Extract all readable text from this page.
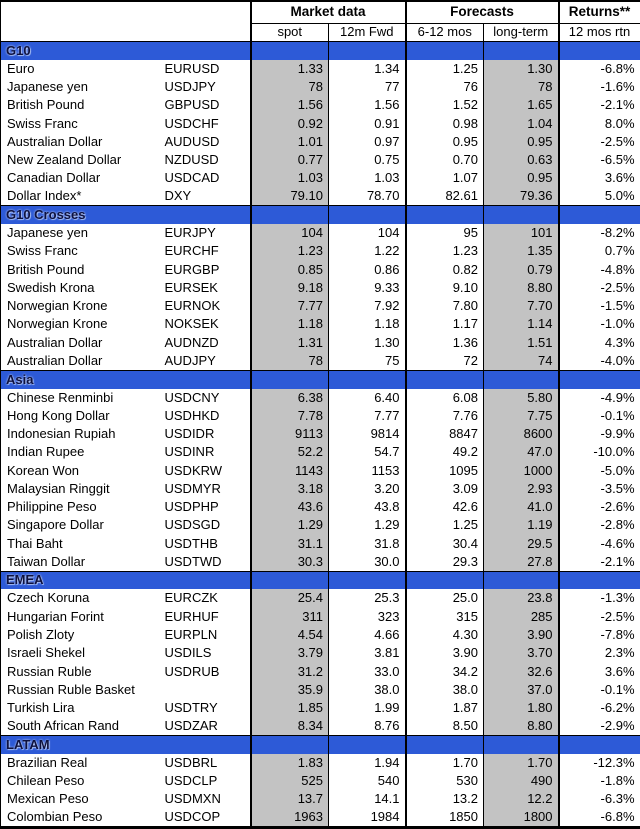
		Market data		Forecasts		Returns**
		spot	12m Fwd	6-12 mos	long-term	12 mos rtn
G10						
Euro	EURUSD	1.33	1.34	1.25	1.30	-6.8%
Japanese yen	USDJPY	78	77	76	78	-1.6%
British Pound	GBPUSD	1.56	1.56	1.52	1.65	-2.1%
Swiss Franc	USDCHF	0.92	0.91	0.98	1.04	8.0%
Australian Dollar	AUDUSD	1.01	0.97	0.95	0.95	-2.5%
New Zealand Dollar	NZDUSD	0.77	0.75	0.70	0.63	-6.5%
Canadian Dollar	USDCAD	1.03	1.03	1.07	0.95	3.6%
Dollar Index*	DXY	79.10	78.70	82.61	79.36	5.0%
G10 Crosses						
Japanese yen	EURJPY	104	104	95	101	-8.2%
Swiss Franc	EURCHF	1.23	1.22	1.23	1.35	0.7%
British Pound	EURGBP	0.85	0.86	0.82	0.79	-4.8%
Swedish Krona	EURSEK	9.18	9.33	9.10	8.80	-2.5%
Norwegian Krone	EURNOK	7.77	7.92	7.80	7.70	-1.5%
Norwegian Krone	NOKSEK	1.18	1.18	1.17	1.14	-1.0%
Australian Dollar	AUDNZD	1.31	1.30	1.36	1.51	4.3%
Australian Dollar	AUDJPY	78	75	72	74	-4.0%
Asia						
Chinese Renminbi	USDCNY	6.38	6.40	6.08	5.80	-4.9%
Hong Kong Dollar	USDHKD	7.78	7.77	7.76	7.75	-0.1%
Indonesian Rupiah	USDIDR	9113	9814	8847	8600	-9.9%
Indian Rupee	USDINR	52.2	54.7	49.2	47.0	-10.0%
Korean Won	USDKRW	1143	1153	1095	1000	-5.0%
Malaysian Ringgit	USDMYR	3.18	3.20	3.09	2.93	-3.5%
Philippine Peso	USDPHP	43.6	43.8	42.6	41.0	-2.6%
Singapore Dollar	USDSGD	1.29	1.29	1.25	1.19	-2.8%
Thai Baht	USDTHB	31.1	31.8	30.4	29.5	-4.6%
Taiwan Dollar	USDTWD	30.3	30.0	29.3	27.8	-2.1%
EMEA						
Czech Koruna	EURCZK	25.4	25.3	25.0	23.8	-1.3%
Hungarian Forint	EURHUF	311	323	315	285	-2.5%
Polish Zloty	EURPLN	4.54	4.66	4.30	3.90	-7.8%
Israeli Shekel	USDILS	3.79	3.81	3.90	3.70	2.3%
Russian Ruble	USDRUB	31.2	33.0	34.2	32.6	3.6%
Russian Ruble Basket		35.9	38.0	38.0	37.0	-0.1%
Turkish Lira	USDTRY	1.85	1.99	1.87	1.80	-6.2%
South African Rand	USDZAR	8.34	8.76	8.50	8.80	-2.9%
LATAM						
Brazilian Real	USDBRL	1.83	1.94	1.70	1.70	-12.3%
Chilean Peso	USDCLP	525	540	530	490	-1.8%
Mexican Peso	USDMXN	13.7	14.1	13.2	12.2	-6.3%
Colombian Peso	USDCOP	1963	1984	1850	1800	-6.8%
